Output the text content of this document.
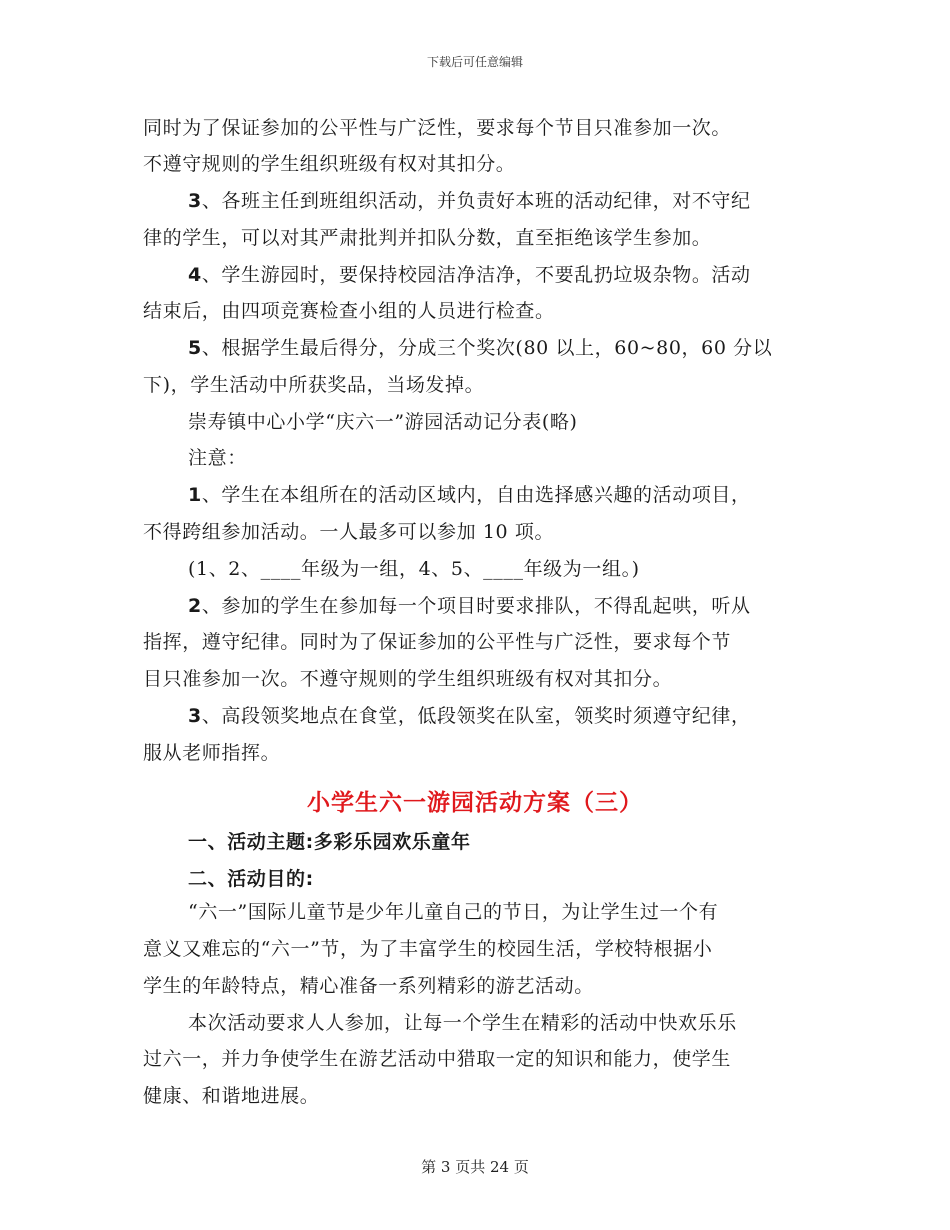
下载后可任意编辑
同时为了保证参加的公平性与广泛性，要求每个节目只准参加一次。
不遵守规则的学生组织班级有权对其扣分。
3、各班主任到班组织活动，并负责好本班的活动纪律，对不守纪
律的学生，可以对其严肃批判并扣队分数，直至拒绝该学生参加。
4、学生游园时，要保持校园洁净洁净，不要乱扔垃圾杂物。活动
结束后，由四项竞赛检查小组的人员进行检查。
5、根据学生最后得分，分成三个奖次(80 以上，60~80，60 分以
下)，学生活动中所获奖品，当场发掉。
崇寿镇中心小学“庆六一”游园活动记分表(略)
注意：
1、学生在本组所在的活动区域内，自由选择感兴趣的活动项目，
不得跨组参加活动。一人最多可以参加 10 项。
(1、2、____年级为一组，4、5、____年级为一组。)
2、参加的学生在参加每一个项目时要求排队，不得乱起哄，听从
指挥，遵守纪律。同时为了保证参加的公平性与广泛性，要求每个节
目只准参加一次。不遵守规则的学生组织班级有权对其扣分。
3、高段领奖地点在食堂，低段领奖在队室，领奖时须遵守纪律，
服从老师指挥。
小学生六一游园活动方案（三）
一、活动主题:多彩乐园欢乐童年
二、活动目的:
“六一”国际儿童节是少年儿童自己的节日，为让学生过一个有
意义又难忘的“六一”节，为了丰富学生的校园生活，学校特根据小
学生的年龄特点，精心准备一系列精彩的游艺活动。
本次活动要求人人参加，让每一个学生在精彩的活动中快欢乐乐
过六一，并力争使学生在游艺活动中猎取一定的知识和能力，使学生
健康、和谐地进展。
第 3 页共 24 页
